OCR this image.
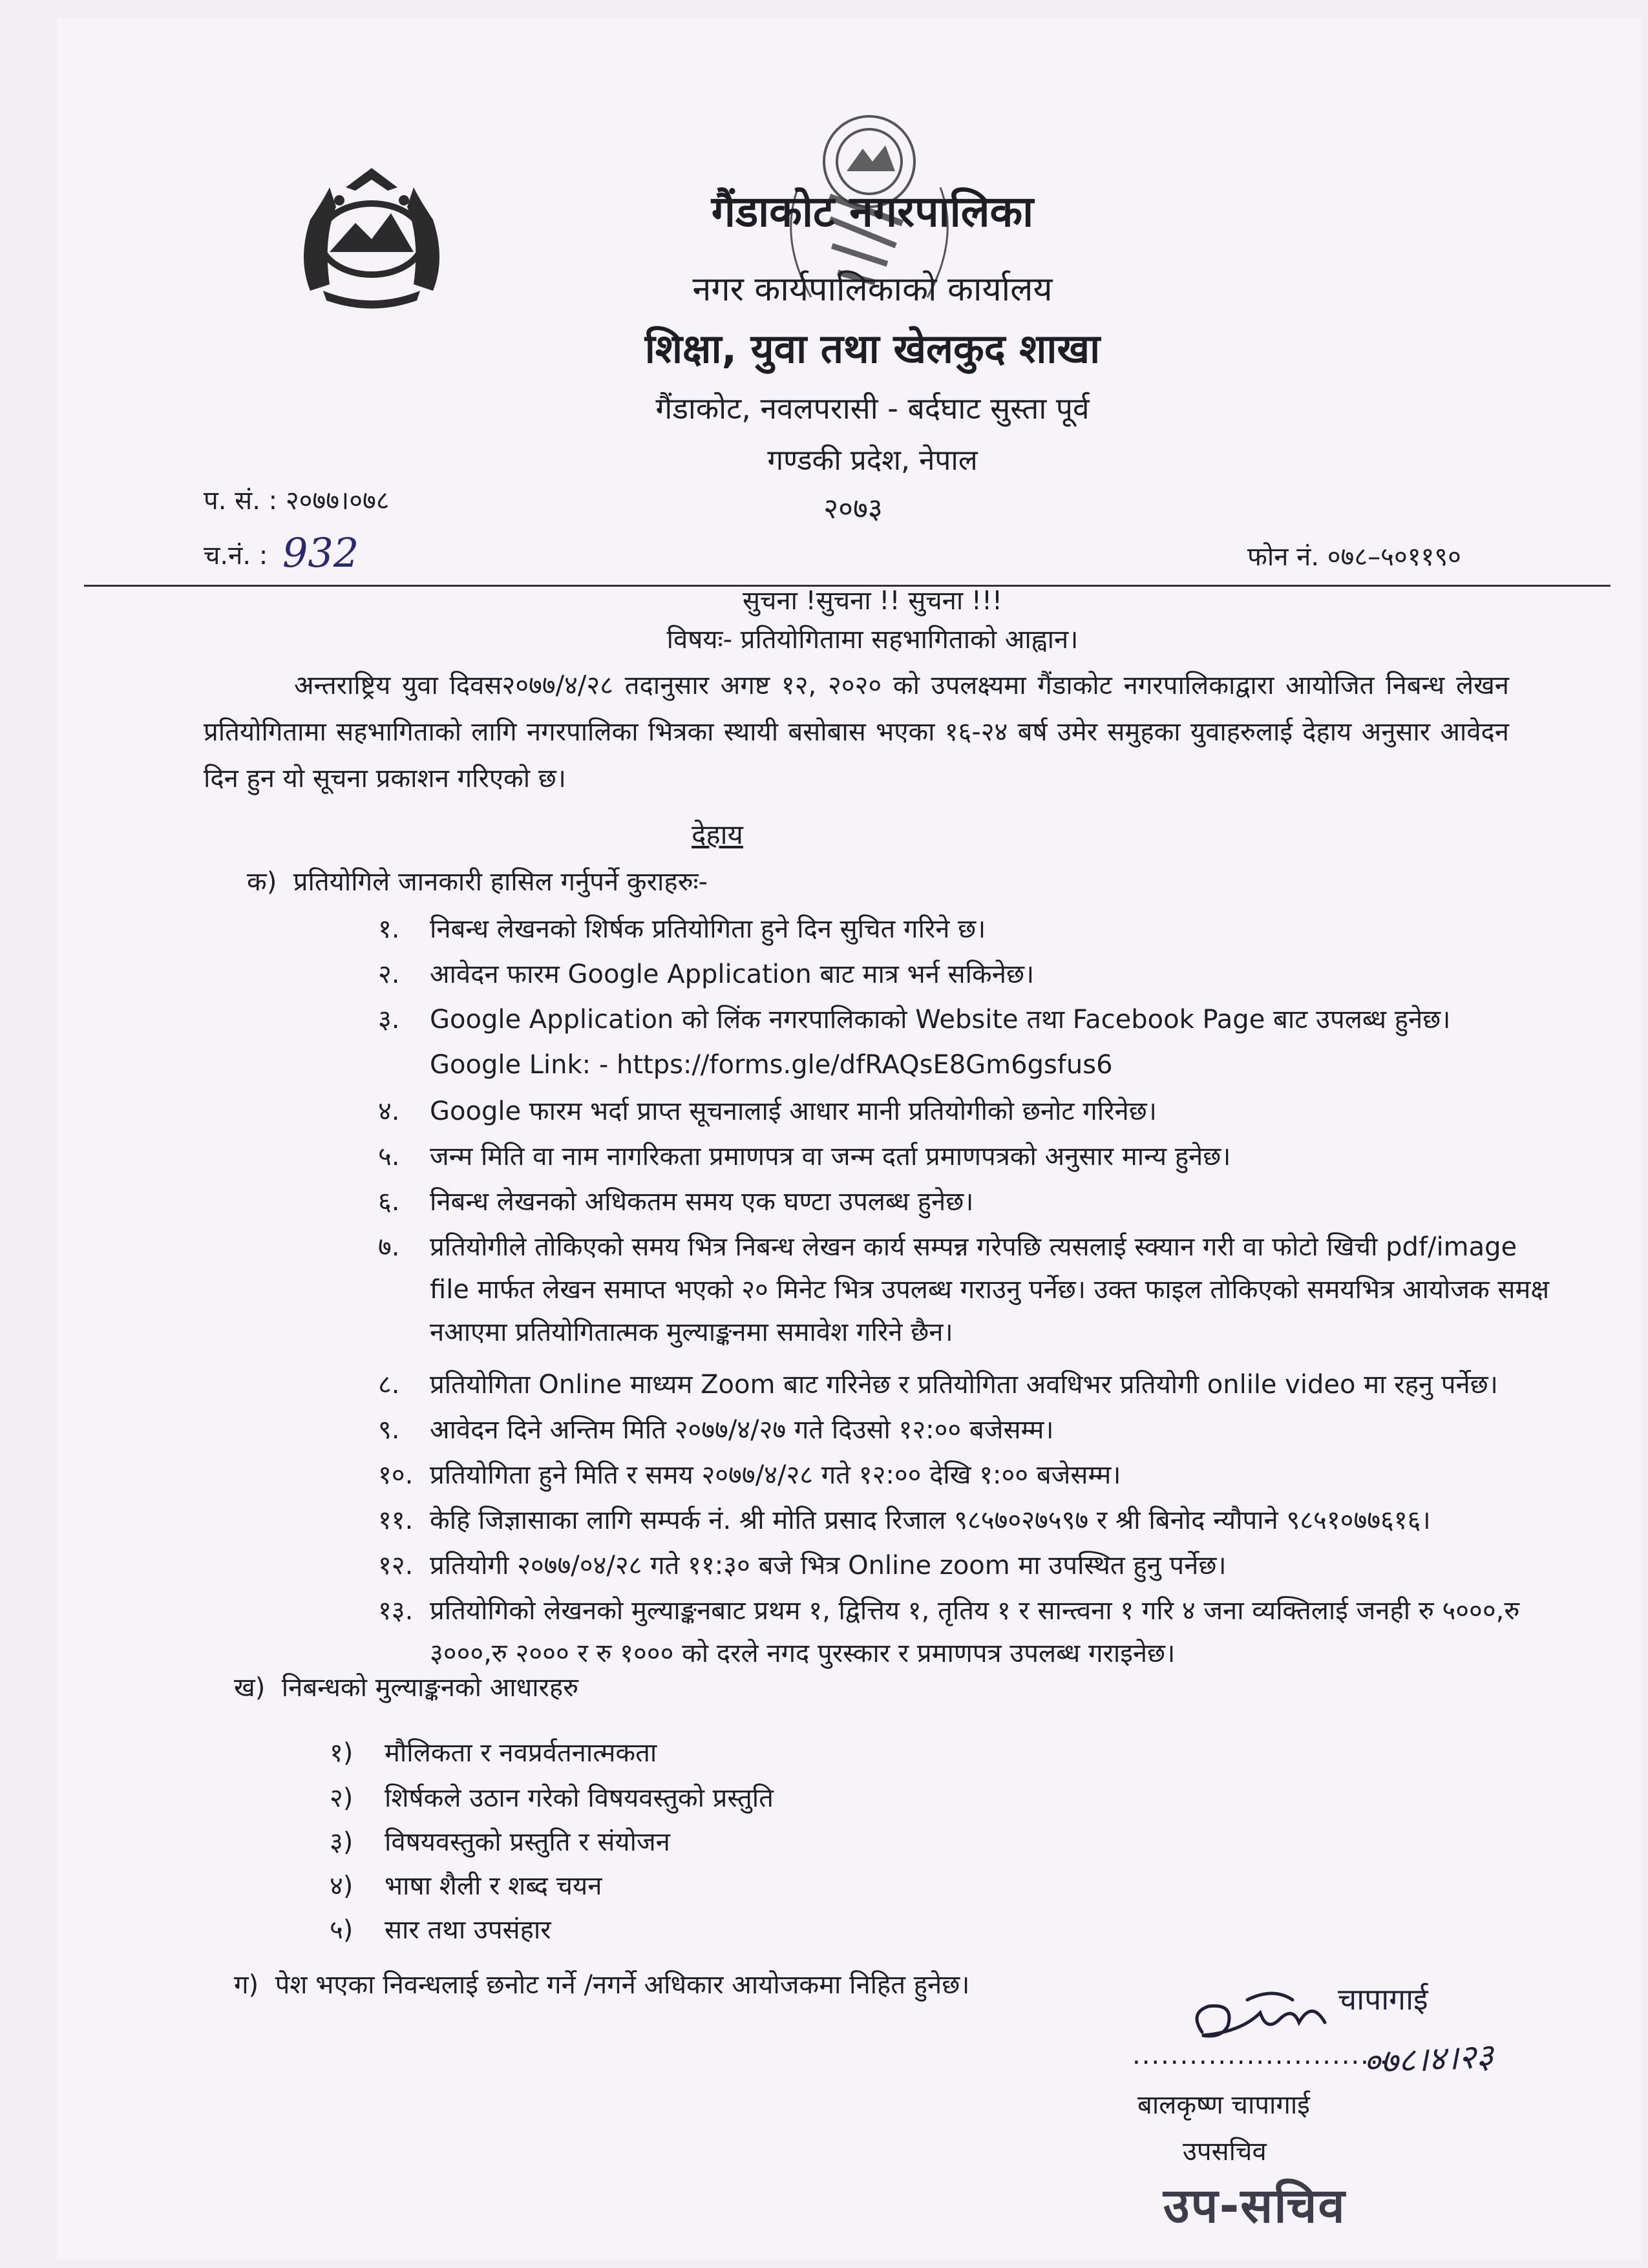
गैंडाकोट नगरपालिका
नगर कार्यपालिकाको कार्यालय
शिक्षा, युवा तथा खेलकुद शाखा
गैंडाकोट, नवलपरासी - बर्दघाट सुस्ता पूर्व
गण्डकी प्रदेश, नेपाल
२०७३
प. सं. : २०७७।०७८
च.नं. : 932	फोन नं. ०७८–५०११९०
सुचना !सुचना !! सुचना !!!
विषयः- प्रतियोगितामा सहभागिताको आह्वान।
अन्तराष्ट्रिय युवा दिवस२०७७/४/२८ तदानुसार अगष्ट १२, २०२० को उपलक्ष्यमा गैंडाकोट नगरपालिकाद्वारा आयोजित निबन्ध लेखन प्रतियोगितामा सहभागिताको लागि नगरपालिका भित्रका स्थायी बसोबास भएका १६-२४ बर्ष उमेर समुहका युवाहरुलाई देहाय अनुसार आवेदन दिन हुन यो सूचना प्रकाशन गरिएको छ।
देहाय
क) प्रतियोगिले जानकारी हासिल गर्नुपर्ने कुराहरुः-
१. निबन्ध लेखनको शिर्षक प्रतियोगिता हुने दिन सुचित गरिने छ।
२. आवेदन फारम Google Application बाट मात्र भर्न सकिनेछ।
३. Google Application को लिंक नगरपालिकाको Website तथा Facebook Page बाट उपलब्ध हुनेछ।
Google Link: - https://forms.gle/dfRAQsE8Gm6gsfus6
४. Google फारम भर्दा प्राप्त सूचनालाई आधार मानी प्रतियोगीको छनोट गरिनेछ।
५. जन्म मिति वा नाम नागरिकता प्रमाणपत्र वा जन्म दर्ता प्रमाणपत्रको अनुसार मान्य हुनेछ।
६. निबन्ध लेखनको अधिकतम समय एक घण्टा उपलब्ध हुनेछ।
७. प्रतियोगीले तोकिएको समय भित्र निबन्ध लेखन कार्य सम्पन्न गरेपछि त्यसलाई स्क्यान गरी वा फोटो खिची pdf/image file मार्फत लेखन समाप्त भएको २० मिनेट भित्र उपलब्ध गराउनु पर्नेछ। उक्त फाइल तोकिएको समयभित्र आयोजक समक्ष नआएमा प्रतियोगितात्मक मुल्याङ्कनमा समावेश गरिने छैन।
८. प्रतियोगिता Online माध्यम Zoom बाट गरिनेछ र प्रतियोगिता अवधिभर प्रतियोगी onlile video मा रहनु पर्नेछ।
९. आवेदन दिने अन्तिम मिति २०७७/४/२७ गते दिउसो १२:०० बजेसम्म।
१०. प्रतियोगिता हुने मिति र समय २०७७/४/२८ गते १२:०० देखि १:०० बजेसम्म।
११. केहि जिज्ञासाका लागि सम्पर्क नं. श्री मोति प्रसाद रिजाल ९८५७०२७५९७ र श्री बिनोद न्यौपाने ९८५१०७७६१६।
१२. प्रतियोगी २०७७/०४/२८ गते ११:३० बजे भित्र Online zoom मा उपस्थित हुनु पर्नेछ।
१३. प्रतियोगिको लेखनको मुल्याङ्कनबाट प्रथम १, द्वित्तिय १, तृतिय १ र सान्त्वना १ गरि ४ जना व्यक्तिलाई जनही रु ५०००,रु ३०००,रु २००० र रु १००० को दरले नगद पुरस्कार र प्रमाणपत्र उपलब्ध गराइनेछ।
ख) निबन्धको मुल्याङ्कनको आधारहरु
१) मौलिकता र नवप्रर्वतनात्मकता
२) शिर्षकले उठान गरेको विषयवस्तुको प्रस्तुति
३) विषयवस्तुको प्रस्तुति र संयोजन
४) भाषा शैली र शब्द चयन
५) सार तथा उपसंहार
ग) पेश भएका निवन्धलाई छनोट गर्ने /नगर्ने अधिकार आयोजकमा निहित हुनेछ।	चापागाई
०७८।४।२३
...........................
बालकृष्ण चापागाई
उपसचिव
उप-सचिव
